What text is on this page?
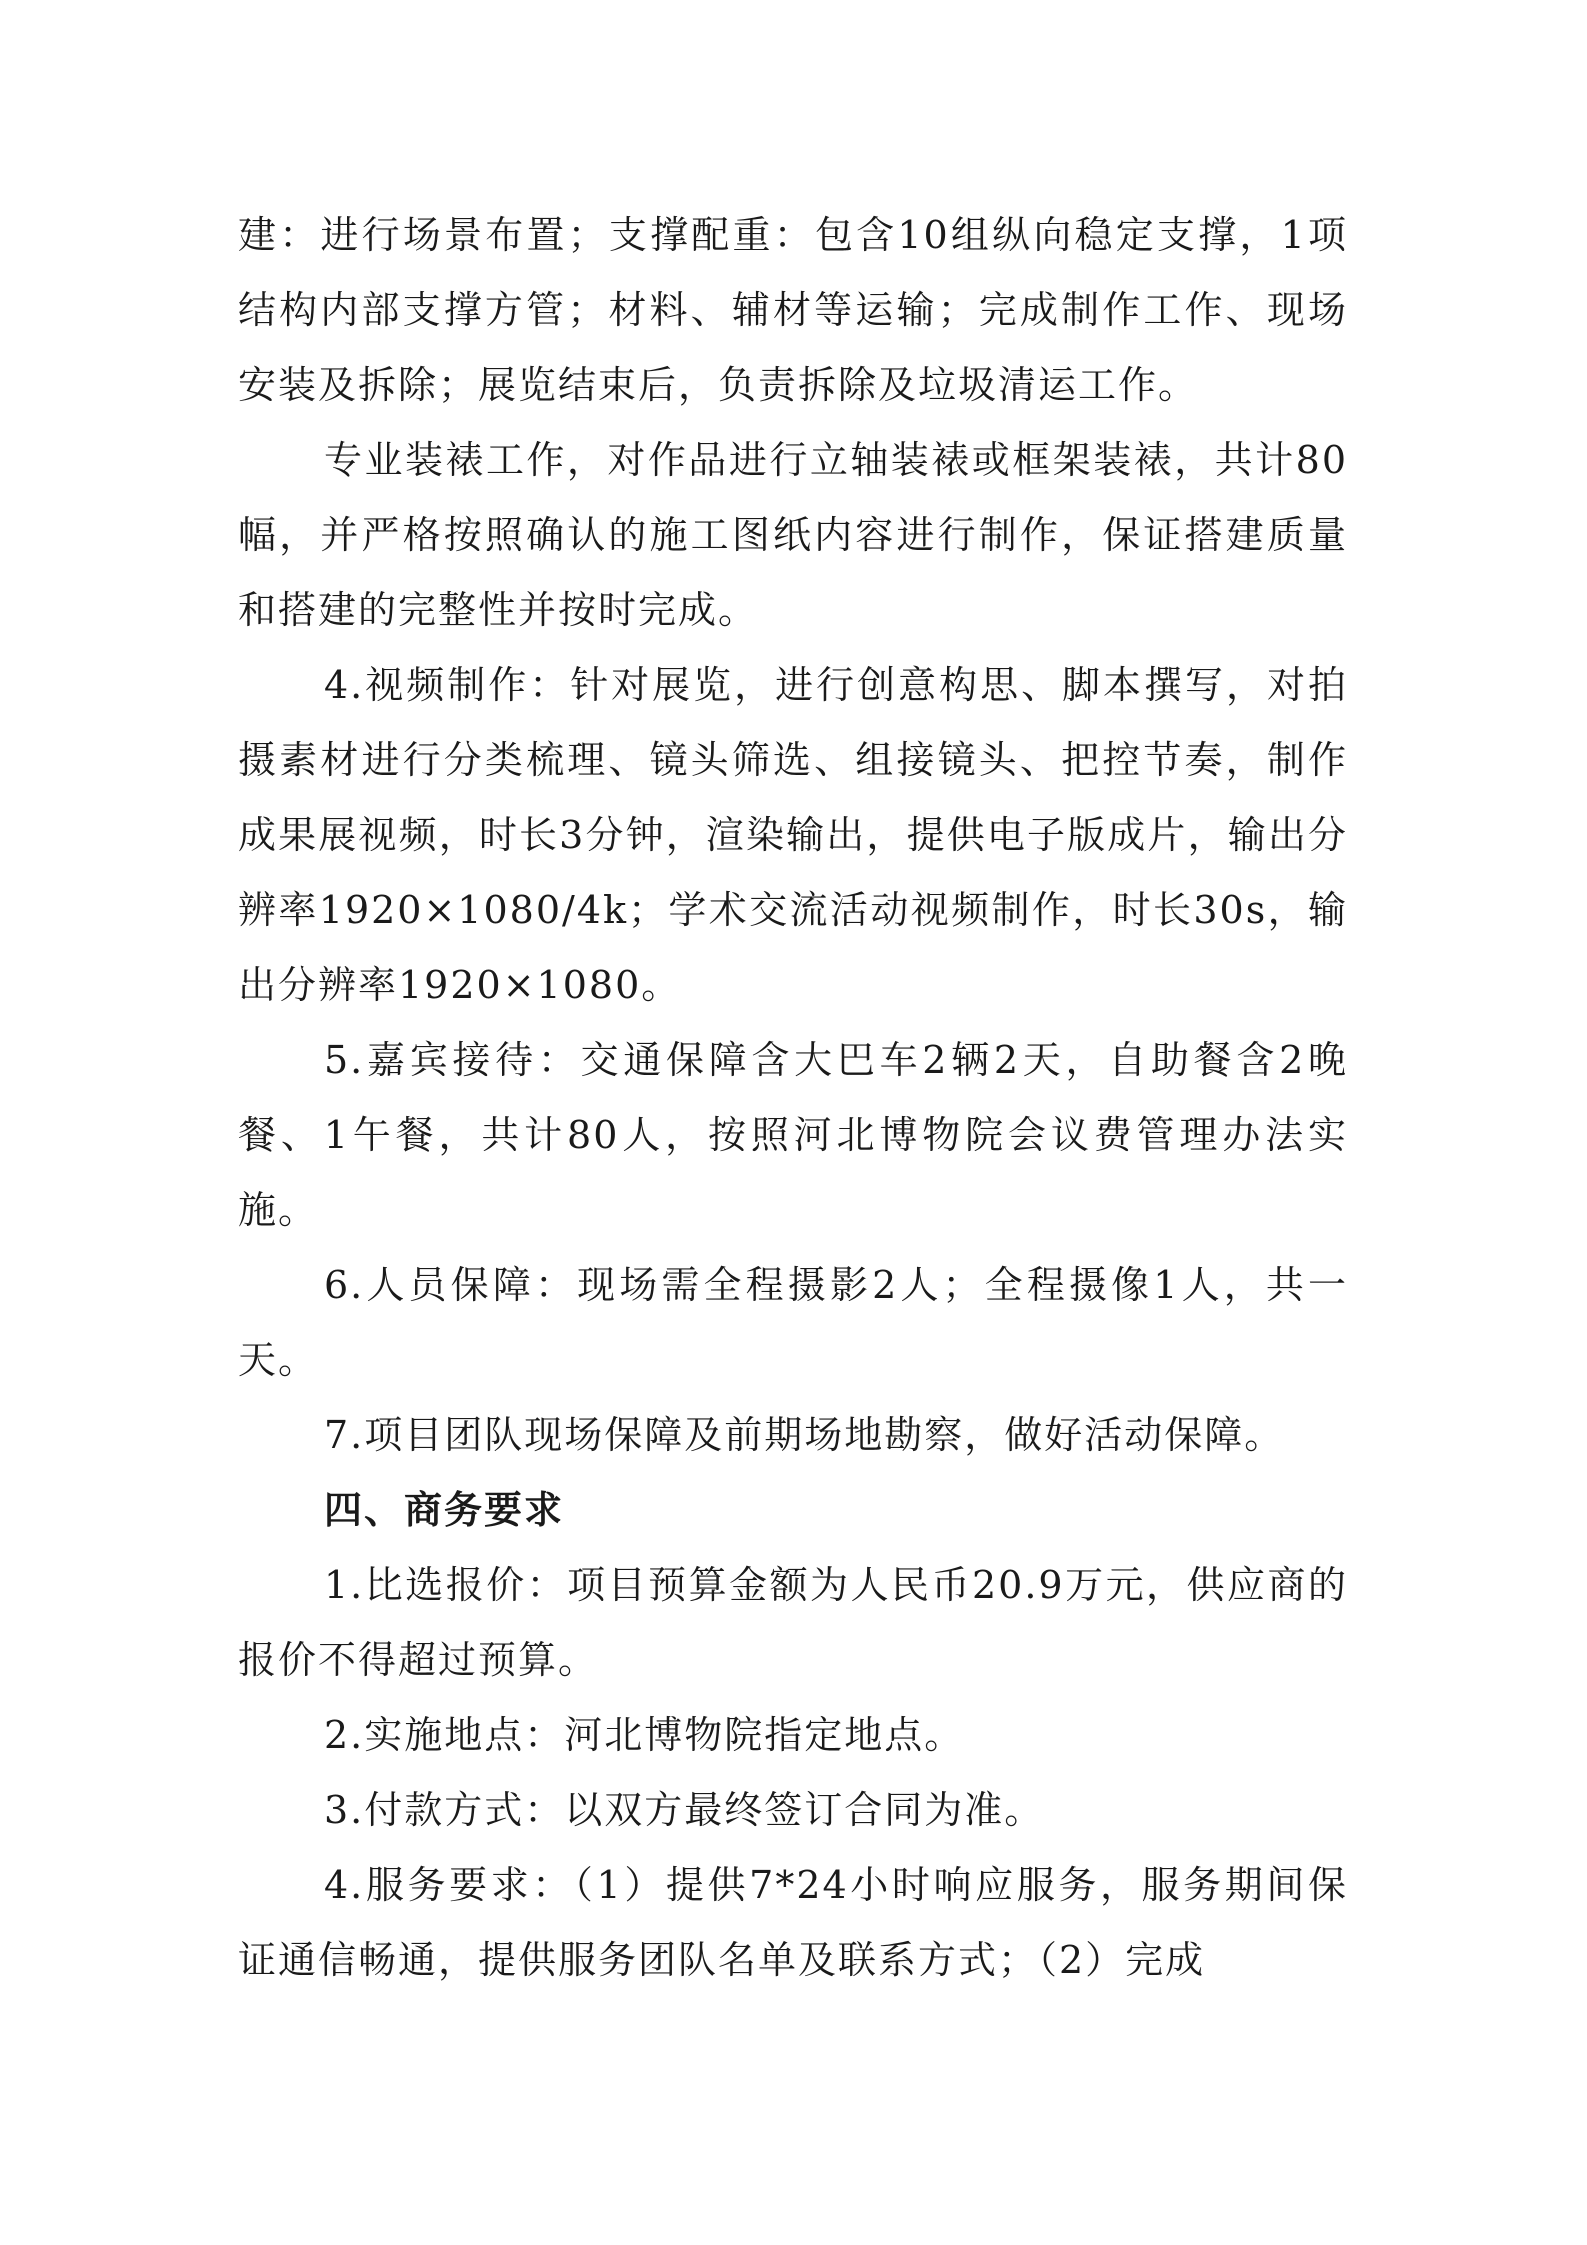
建：进行场景布置；支撑配重：包含10组纵向稳定支撑，1项结构内部支撑方管；材料、辅材等运输；完成制作工作、现场安装及拆除；展览结束后，负责拆除及垃圾清运工作。

专业装裱工作，对作品进行立轴装裱或框架装裱，共计80幅，并严格按照确认的施工图纸内容进行制作，保证搭建质量和搭建的完整性并按时完成。

4.视频制作：针对展览，进行创意构思、脚本撰写，对拍摄素材进行分类梳理、镜头筛选、组接镜头、把控节奏，制作成果展视频，时长3分钟，渲染输出，提供电子版成片，输出分辨率1920×1080/4k；学术交流活动视频制作，时长30s，输出分辨率1920×1080。

5.嘉宾接待：交通保障含大巴车2辆2天，自助餐含2晚餐、1午餐，共计80人，按照河北博物院会议费管理办法实施。

6.人员保障：现场需全程摄影2人；全程摄像1人，共一天。

7.项目团队现场保障及前期场地勘察，做好活动保障。

四、商务要求

1.比选报价：项目预算金额为人民币20.9万元，供应商的报价不得超过预算。

2.实施地点：河北博物院指定地点。

3.付款方式：以双方最终签订合同为准。

4.服务要求：（1）提供7*24小时响应服务，服务期间保证通信畅通，提供服务团队名单及联系方式；（2）完成
